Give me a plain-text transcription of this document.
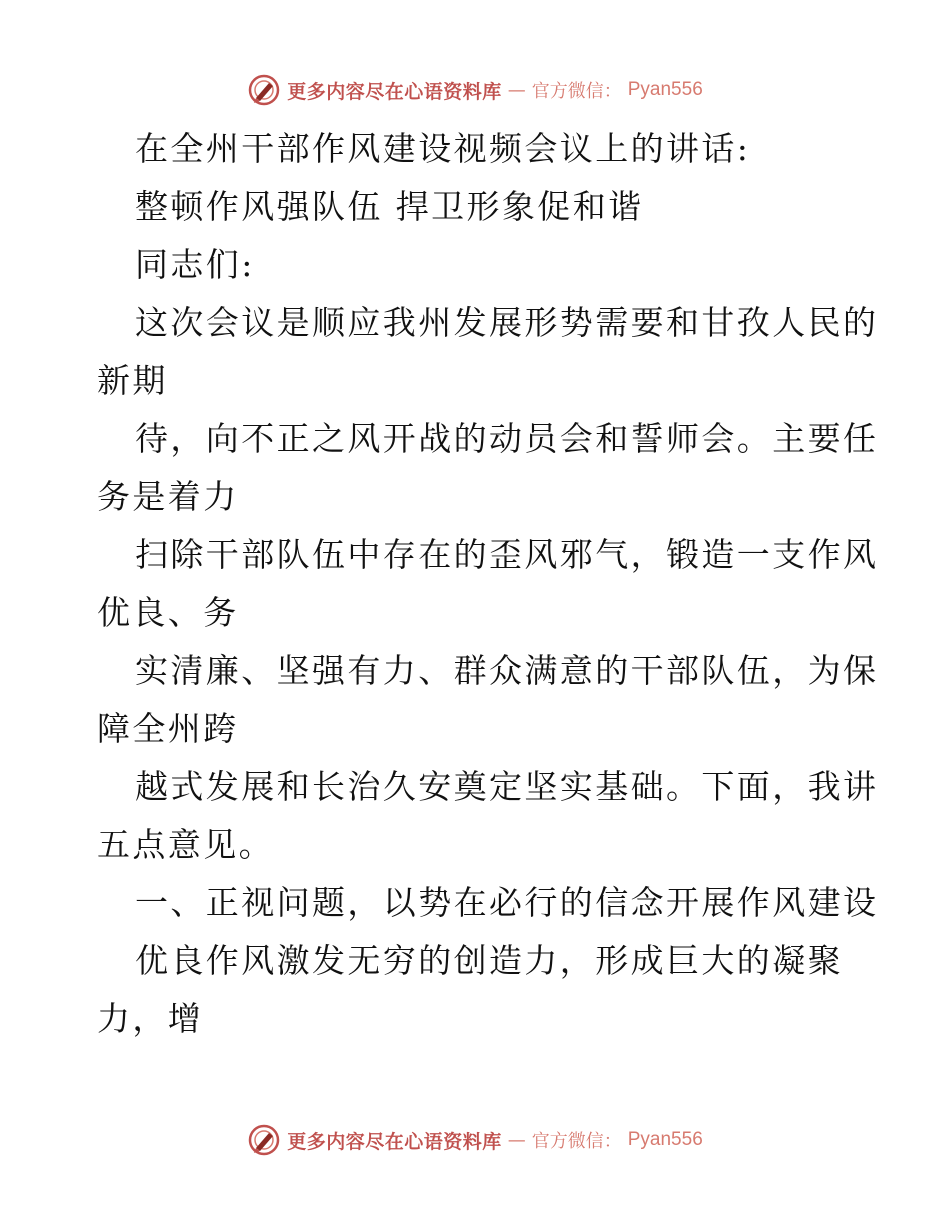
更多内容尽在心语资料库 — 官方微信： Pyan556
在全州干部作风建设视频会议上的讲话:
整顿作风强队伍 捍卫形象促和谐
同志们:
这次会议是顺应我州发展形势需要和甘孜人民的
新期
待，向不正之风开战的动员会和誓师会。主要任
务是着力
扫除干部队伍中存在的歪风邪气，锻造一支作风
优良、务
实清廉、坚强有力、群众满意的干部队伍，为保
障全州跨
越式发展和长治久安奠定坚实基础。下面，我讲
五点意见。
一、正视问题，以势在必行的信念开展作风建设
优良作风激发无穷的创造力，形成巨大的凝聚
力，增
更多内容尽在心语资料库 — 官方微信： Pyan556
